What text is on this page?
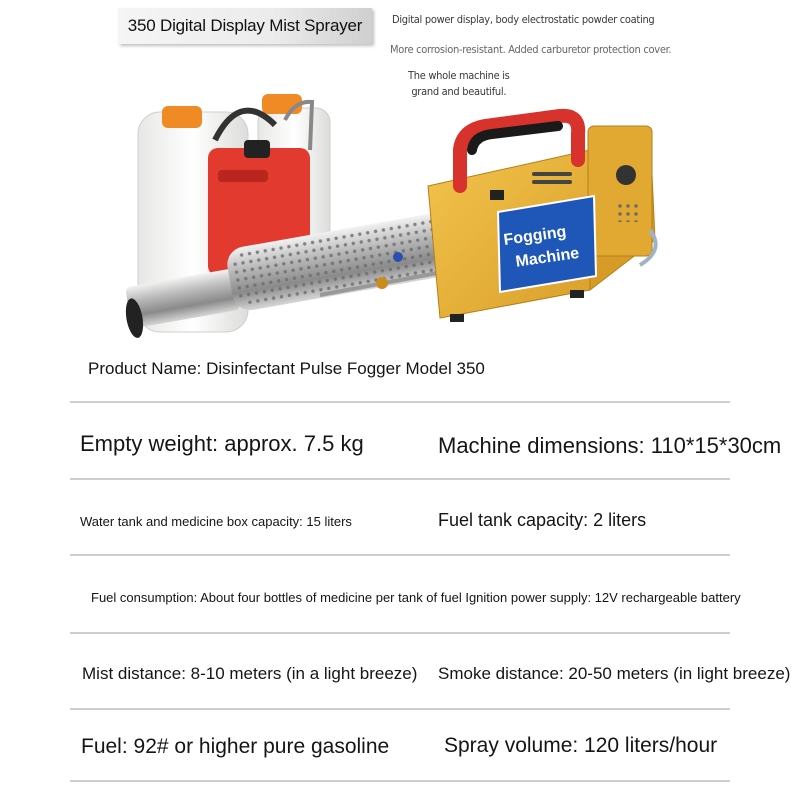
350 Digital Display Mist Sprayer	Digital power display, body electrostatic powder coating
More corrosion-resistant. Added carburetor protection cover.
The whole machine is
grand and beautiful.
Fogging
Machine
Product Name: Disinfectant Pulse Fogger Model 350
Empty weight: approx. 7.5 kg	Machine dimensions: 110*15*30cm
Water tank and medicine box capacity: 15 liters	Fuel tank capacity: 2 liters
Fuel consumption: About four bottles of medicine per tank of fuel Ignition power supply: 12V rechargeable battery
Mist distance: 8-10 meters (in a light breeze) Smoke distance: 20-50 meters (in light breeze)
Fuel: 92# or higher pure gasoline	Spray volume: 120 liters/hour
